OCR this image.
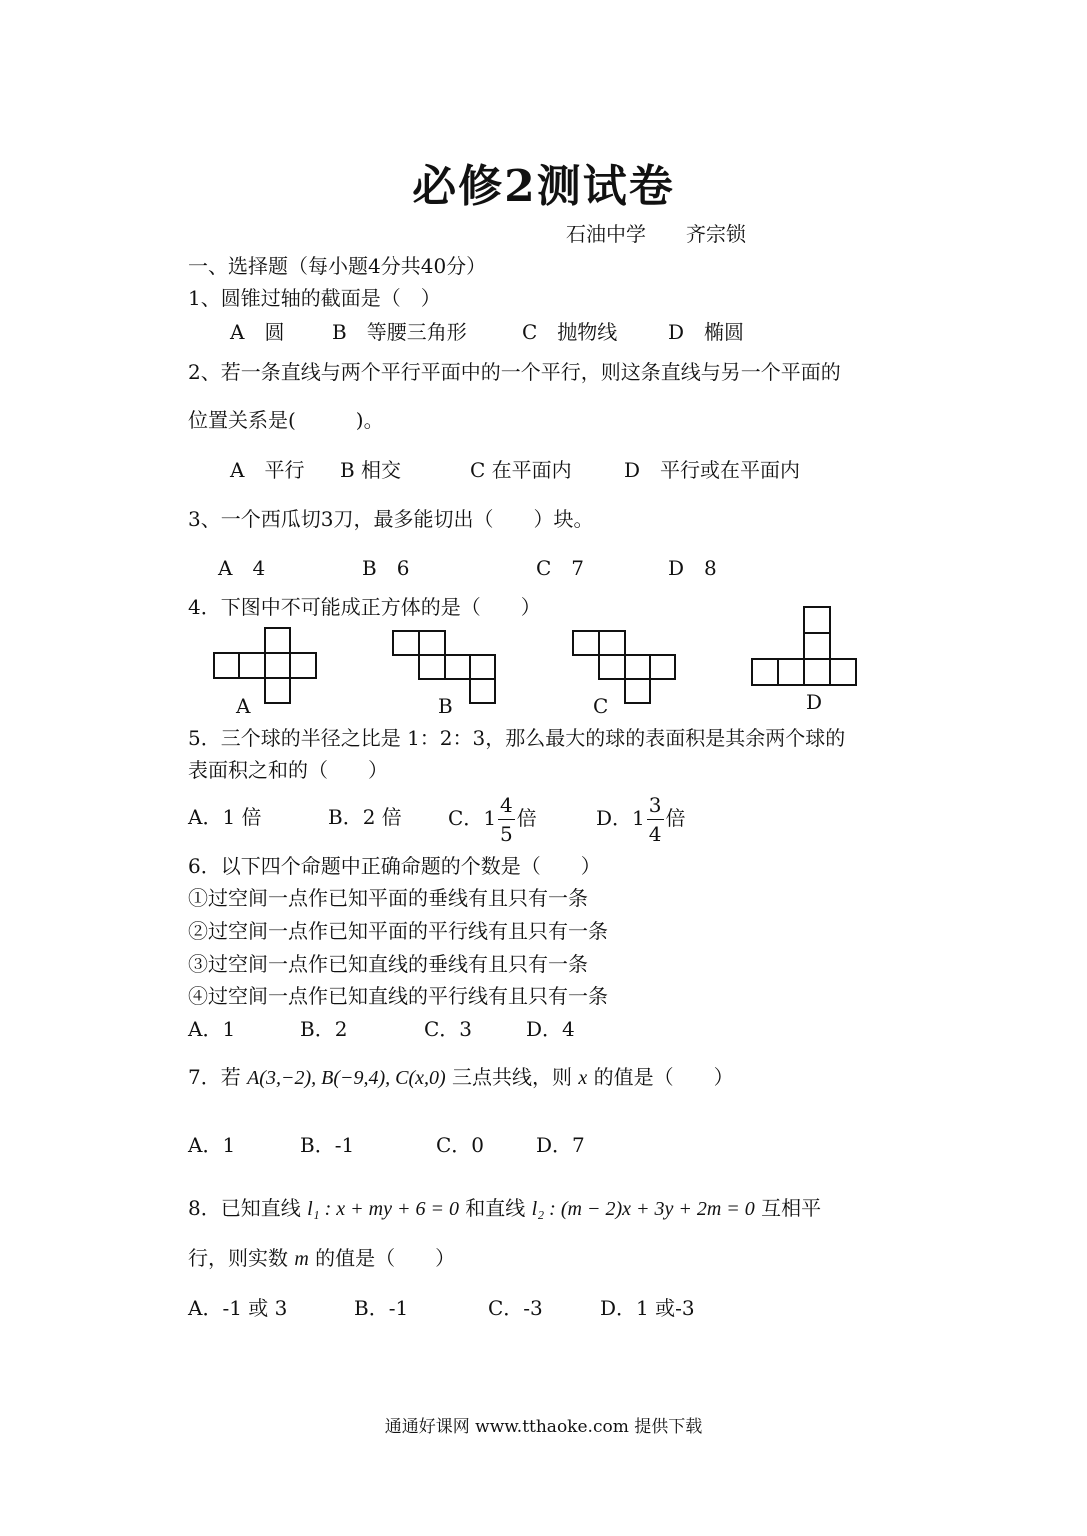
必修2测试卷
石油中学　　齐宗锁
一、选择题（每小题4分共40分）
1、圆锥过轴的截面是（　）
A　圆 B　等腰三角形	C　抛物线	D　椭圆
2、若一条直线与两个平行平面中的一个平行，则这条直线与另一个平面的
位置关系是(　　　)。
A　平行 B 相交	C 在平面内	D　平行或在平面内
3、一个西瓜切3刀，最多能切出（　　）块。
A　4	B　6	C　7	D　8
4．下图中不可能成正方体的是（　　）
A	B	C	D
5．三个球的半径之比是 1：2：3，那么最大的球的表面积是其余两个球的
表面积之和的（　　）
A．1 倍	B．2 倍 C．$1 \frac{4}{5}$ 倍	D．$1 \frac{3}{4}$ 倍
6．以下四个命题中正确命题的个数是（　　）
①过空间一点作已知平面的垂线有且只有一条
②过空间一点作已知平面的平行线有且只有一条
③过空间一点作已知直线的垂线有且只有一条
④过空间一点作已知直线的平行线有且只有一条
A．1	B．2	C．3	D．4
7．若 A(3,−2), B(−9,4), C(x,0) 三点共线，则 x 的值是（　　）
A．1	B．-1	C．0	D．7
8．已知直线 l₁ : x + my + 6 = 0 和直线 l₂ : (m − 2)x + 3y + 2m = 0 互相平
行，则实数 m 的值是（　　）
A．-1 或 3	B．-1	C．-3	D．1 或-3
通通好课网 www.tthaoke.com 提供下载
